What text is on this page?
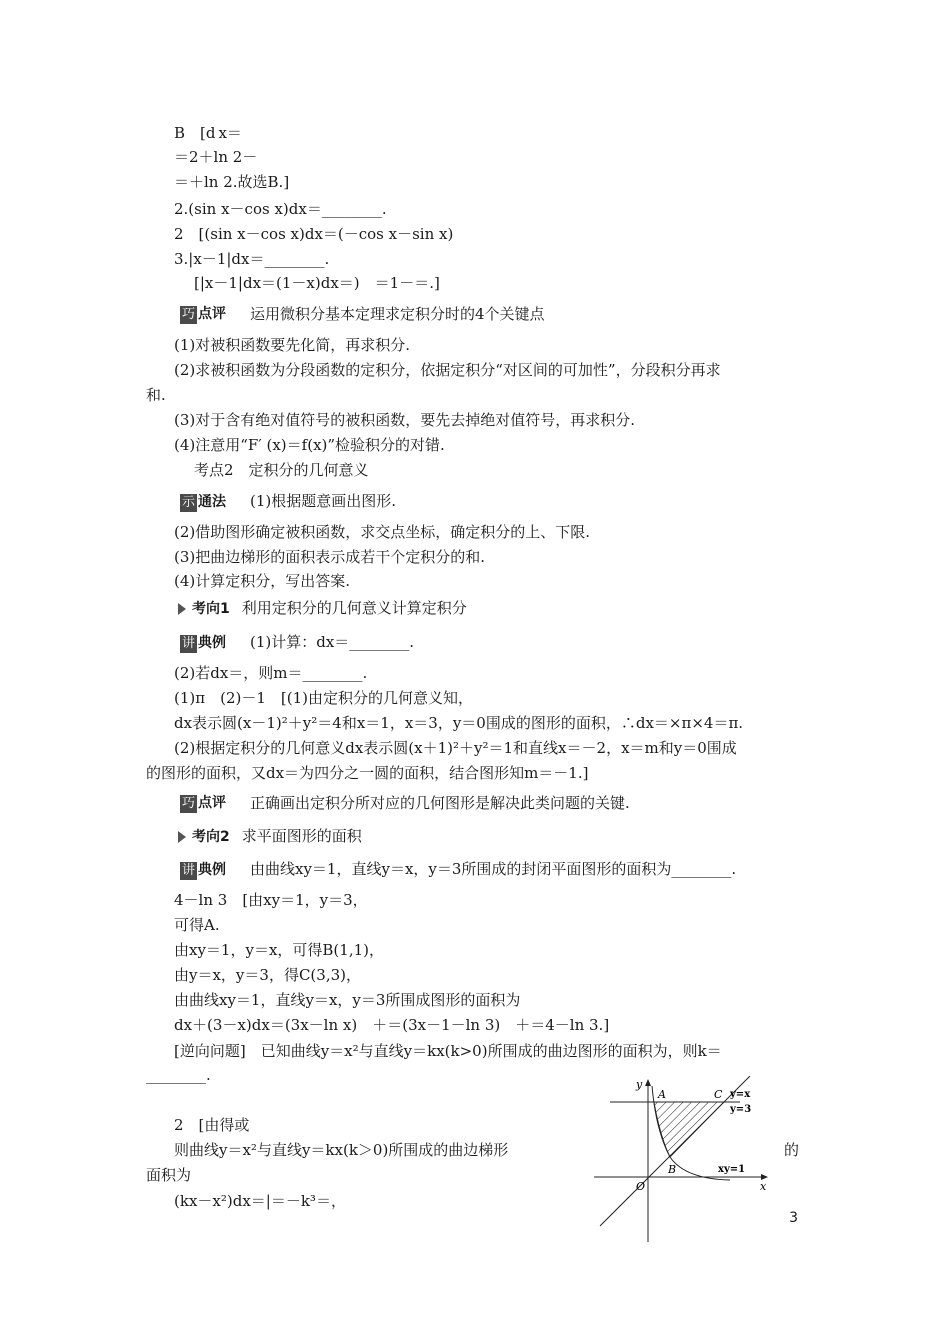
B　[d x＝
＝2＋ln 2－
＝＋ln 2.故选B.]
2.(sin x－cos x)dx＝________.
2　[(sin x－cos x)dx＝(－cos x－sin x)
3.|x－1|dx＝________.
[|x－1|dx＝(1－x)dx＝)　＝1－＝.]
巧 点评 运用微积分基本定理求定积分时的4个关键点
(1)对被积函数要先化简，再求积分.
(2)求被积函数为分段函数的定积分，依据定积分“对区间的可加性”，分段积分再求
和.
(3)对于含有绝对值符号的被积函数，要先去掉绝对值符号，再求积分.
(4)注意用“F′ (x)＝f(x)”检验积分的对错.
考点2　定积分的几何意义
示 通法 (1)根据题意画出图形.
(2)借助图形确定被积函数，求交点坐标，确定积分的上、下限.
(3)把曲边梯形的面积表示成若干个定积分的和.
(4)计算定积分，写出答案.
考向1 利用定积分的几何意义计算定积分
讲 典例 (1)计算：dx＝________.
(2)若dx＝，则m＝________.
(1)π　(2)－1　[(1)由定积分的几何意义知，
dx表示圆(x－1)²＋y²＝4和x＝1，x＝3，y＝0围成的图形的面积，∴dx＝×π×4＝π.
(2)根据定积分的几何意义dx表示圆(x＋1)²＋y²＝1和直线x＝－2，x＝m和y＝0围成
的图形的面积，又dx＝为四分之一圆的面积，结合图形知m＝－1.]
巧 点评 正确画出定积分所对应的几何图形是解决此类问题的关键.
考向2 求平面图形的面积
讲 典例 由曲线xy＝1，直线y＝x，y＝3所围成的封闭平面图形的面积为________.
4－ln 3　[由xy＝1，y＝3，
可得A.
由xy＝1，y＝x，可得B(1,1)，
由y＝x，y＝3，得C(3,3)，
由曲线xy＝1，直线y＝x，y＝3所围成图形的面积为
dx＋(3－x)dx＝(3x－ln x)　＋＝(3x－1－ln 3)　＋＝4－ln 3.]
[逆向问题]　已知曲线y＝x²与直线y＝kx(k>0)所围成的曲边图形的面积为，则k＝
________.
2　[由得或
则曲线y＝x²与直线y＝kx(k＞0)所围成的曲边梯形	的
面积为
(kx－x²)dx＝|＝－k³＝，
y
x
O
A	C
B
y=x
y=3
xy=1
3
